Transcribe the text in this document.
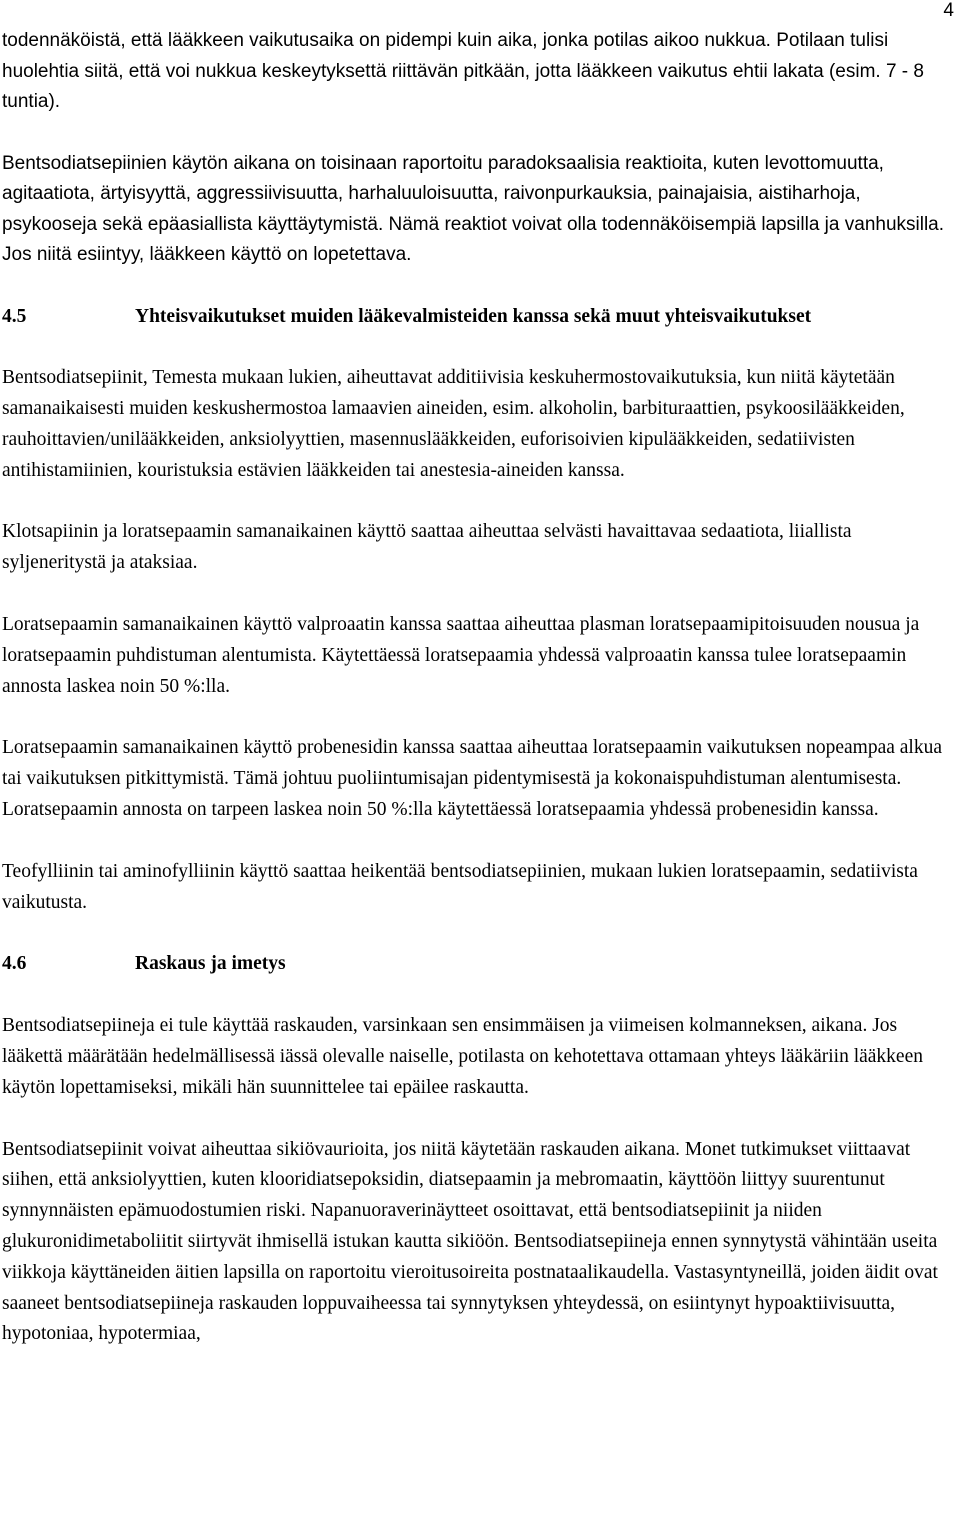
4

todennäköistä, että lääkkeen vaikutusaika on pidempi kuin aika, jonka potilas aikoo nukkua. Potilaan tulisi huolehtia siitä, että voi nukkua keskeytyksettä riittävän pitkään, jotta lääkkeen vaikutus ehtii lakata (esim. 7 - 8 tuntia).

Bentsodiatsepiinien käytön aikana on toisinaan raportoitu paradoksaalisia reaktioita, kuten levottomuutta, agitaatiota, ärtyisyyttä, aggressiivisuutta, harhaluuloisuutta, raivonpurkauksia, painajaisia, aistiharhoja, psykooseja sekä epäasiallista käyttäytymistä. Nämä reaktiot voivat olla todennäköisempiä lapsilla ja vanhuksilla. Jos niitä esiintyy, lääkkeen käyttö on lopetettava.

4.5	Yhteisvaikutukset muiden lääkevalmisteiden kanssa sekä muut yhteisvaikutukset

Bentsodiatsepiinit, Temesta mukaan lukien, aiheuttavat additiivisia keskuhermostovaikutuksia, kun niitä käytetään samanaikaisesti muiden keskushermostoa lamaavien aineiden, esim. alkoholin, barbituraattien, psykoosilääkkeiden, rauhoittavien/unilääkkeiden, anksiolyyttien, masennuslääkkeiden, euforisoivien kipulääkkeiden, sedatiivisten antihistamiinien, kouristuksia estävien lääkkeiden tai anestesia-aineiden kanssa.

Klotsapiinin ja loratsepaamin samanaikainen käyttö saattaa aiheuttaa selvästi havaittavaa sedaatiota, liiallista syljeneritystä ja ataksiaa.

Loratsepaamin samanaikainen käyttö valproaatin kanssa saattaa aiheuttaa plasman loratsepaamipitoisuuden nousua ja loratsepaamin puhdistuman alentumista. Käytettäessä loratsepaamia yhdessä valproaatin kanssa tulee loratsepaamin annosta laskea noin 50 %:lla.

Loratsepaamin samanaikainen käyttö probenesidin kanssa saattaa aiheuttaa loratsepaamin vaikutuksen nopeampaa alkua tai vaikutuksen pitkittymistä. Tämä johtuu puoliintumisajan pidentymisestä ja kokonaispuhdistuman alentumisesta. Loratsepaamin annosta on tarpeen laskea noin 50 %:lla käytettäessä loratsepaamia yhdessä probenesidin kanssa.

Teofylliinin tai aminofylliinin käyttö saattaa heikentää bentsodiatsepiinien, mukaan lukien loratsepaamin, sedatiivista vaikutusta.

4.6	Raskaus ja imetys

Bentsodiatsepiineja ei tule käyttää raskauden, varsinkaan sen ensimmäisen ja viimeisen kolmanneksen, aikana. Jos lääkettä määrätään hedelmällisessä iässä olevalle naiselle, potilasta on kehotettava ottamaan yhteys lääkäriin lääkkeen käytön lopettamiseksi, mikäli hän suunnittelee tai epäilee raskautta.

Bentsodiatsepiinit voivat aiheuttaa sikiövaurioita, jos niitä käytetään raskauden aikana. Monet tutkimukset viittaavat siihen, että anksiolyyttien, kuten klooridiatsepoksidin, diatsepaamin ja mebromaatin, käyttöön liittyy suurentunut synnynnäisten epämuodostumien riski. Napanuoraverinäytteet osoittavat, että bentsodiatsepiinit ja niiden glukuronidimetaboliitit siirtyvät ihmisellä istukan kautta sikiöön. Bentsodiatsepiineja ennen synnytystä vähintään useita viikkoja käyttäneiden äitien lapsilla on raportoitu vieroitusoireita postnataalikaudella. Vastasyntyneillä, joiden äidit ovat saaneet bentsodiatsepiineja raskauden loppuvaiheessa tai synnytyksen yhteydessä, on esiintynyt hypoaktiivisuutta, hypotoniaa, hypotermiaa,
